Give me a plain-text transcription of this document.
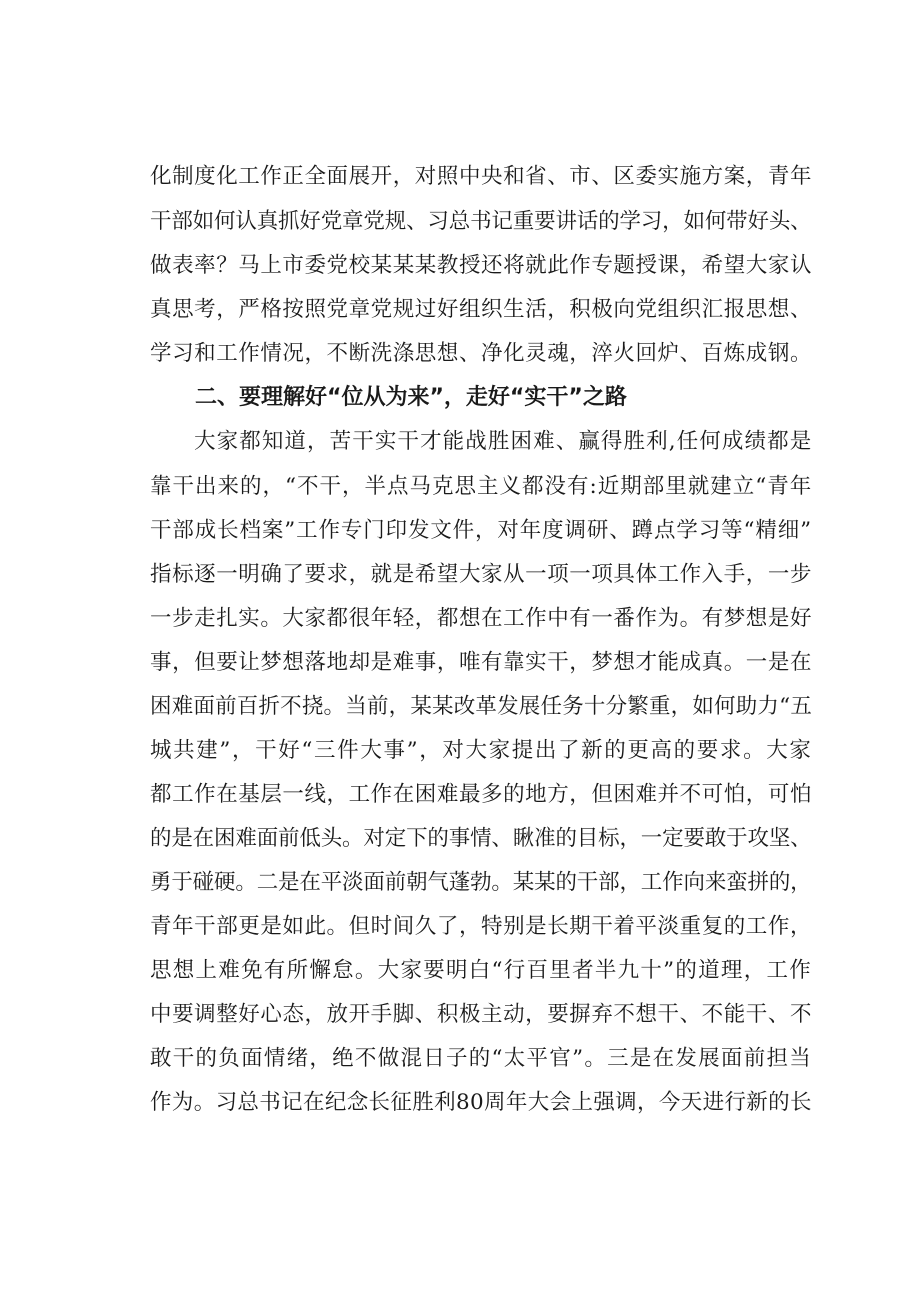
化制度化工作正全面展开，对照中央和省、市、区委实施方案，青年
干部如何认真抓好党章党规、习总书记重要讲话的学习，如何带好头、
做表率？马上市委党校某某某教授还将就此作专题授课，希望大家认
真思考，严格按照党章党规过好组织生活，积极向党组织汇报思想、
学习和工作情况，不断洗涤思想、净化灵魂，淬火回炉、百炼成钢。
二、要理解好“位从为来”，走好“实干”之路
大家都知道，苦干实干才能战胜困难、赢得胜利,任何成绩都是
靠干出来的，“不干，半点马克思主义都没有:近期部里就建立“青年
干部成长档案”工作专门印发文件，对年度调研、蹲点学习等“精细”
指标逐一明确了要求，就是希望大家从一项一项具体工作入手，一步
一步走扎实。大家都很年轻，都想在工作中有一番作为。有梦想是好
事，但要让梦想落地却是难事，唯有靠实干，梦想才能成真。一是在
困难面前百折不挠。当前，某某改革发展任务十分繁重，如何助力“五
城共建”，干好“三件大事”，对大家提出了新的更高的要求。大家
都工作在基层一线，工作在困难最多的地方，但困难并不可怕，可怕
的是在困难面前低头。对定下的事情、瞅准的目标，一定要敢于攻坚、
勇于碰硬。二是在平淡面前朝气蓬勃。某某的干部，工作向来蛮拼的，
青年干部更是如此。但时间久了，特别是长期干着平淡重复的工作，
思想上难免有所懈怠。大家要明白“行百里者半九十”的道理，工作
中要调整好心态，放开手脚、积极主动，要摒弃不想干、不能干、不
敢干的负面情绪，绝不做混日子的“太平官”。三是在发展面前担当
作为。习总书记在纪念长征胜利80周年大会上强调，今天进行新的长
